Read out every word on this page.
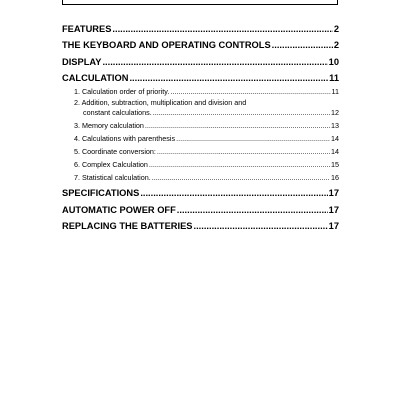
FEATURES .....	2
THE KEYBOARD AND OPERATING CONTROLS .....	2
DISPLAY .....	10
CALCULATION .....	11
1. Calculation order of priority. .....	11
2. Addition, subtraction, multiplication and division and
constant calculations. .....	12
3. Memory calculation .....	13
4. Calculations with parenthesis .....	14
5. Coordinate conversion: .....	14
6. Complex Calculation .....	15
7. Statistical calculation. .....	16
SPECIFICATIONS .....	17
AUTOMATIC POWER OFF .....	17
REPLACING THE BATTERIES .....	17
